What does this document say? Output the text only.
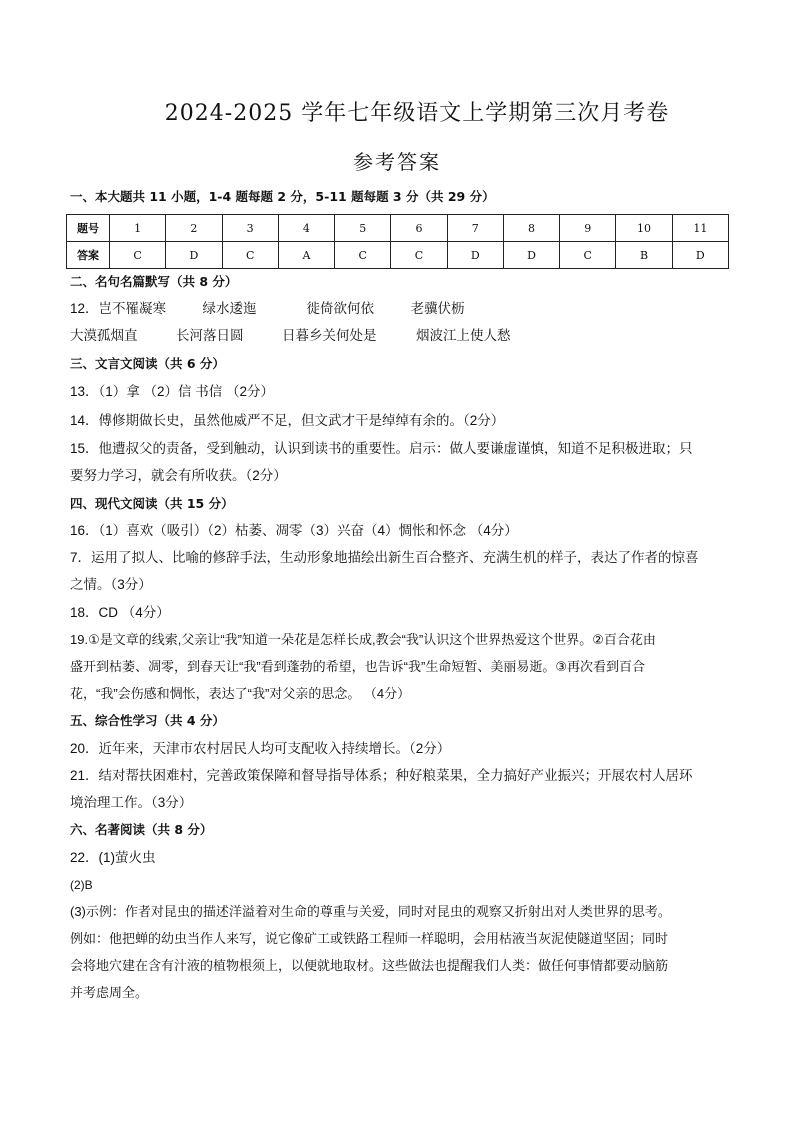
2024-2025 学年七年级语文上学期第三次月考卷
参考答案
一、本大题共 11 小题，1-4 题每题 2 分，5-11 题每题 3 分（共 29 分）
题号	1	2	3	4	5	6	7	8	9	10	11
答案	C	D	C	A	C	C	D	D	C	B	D
二、名句名篇默写（共 8 分）
12．岂不罹凝寒	绿水逶迤	徙倚欲何依	老骥伏枥
大漠孤烟直	长河落日圆	日暮乡关何处是	烟波江上使人愁
三、文言文阅读（共 6 分）
13．（1）拿 （2）信 书信 （2分）
14．傅修期做长史，虽然他威严不足，但文武才干是绰绰有余的。（2分）
15．他遭叔父的责备，受到触动，认识到读书的重要性。启示：做人要谦虚谨慎，知道不足积极进取；只
要努力学习，就会有所收获。（2分）
四、现代文阅读（共 15 分）
16．（1）喜欢（吸引）（2）枯萎、凋零（3）兴奋（4）惆怅和怀念 （4分）
7．运用了拟人、比喻的修辞手法，生动形象地描绘出新生百合整齐、充满生机的样子，表达了作者的惊喜
之情。（3分）
18．CD （4分）
19.①是文章的线索,父亲让“我”知道一朵花是怎样长成,教会“我”认识这个世界热爱这个世界。②百合花由
盛开到枯萎、凋零，到春天让“我”看到蓬勃的希望，也告诉“我”生命短暂、美丽易逝。③再次看到百合
花，“我”会伤感和惆怅，表达了“我”对父亲的思念。 （4分）
五、综合性学习（共 4 分）
20．近年来，天津市农村居民人均可支配收入持续增长。（2分）
21．结对帮扶困难村，完善政策保障和督导指导体系；种好粮菜果，全力搞好产业振兴；开展农村人居环
境治理工作。（3分）
六、名著阅读（共 8 分）
22．(1)萤火虫
(2)B
(3)示例：作者对昆虫的描述洋溢着对生命的尊重与关爱，同时对昆虫的观察又折射出对人类世界的思考。
例如：他把蝉的幼虫当作人来写，说它像矿工或铁路工程师一样聪明，会用枯液当灰泥使隧道坚固；同时
会将地穴建在含有汁液的植物根须上，以便就地取材。这些做法也提醒我们人类：做任何事情都要动脑筋
并考虑周全。
